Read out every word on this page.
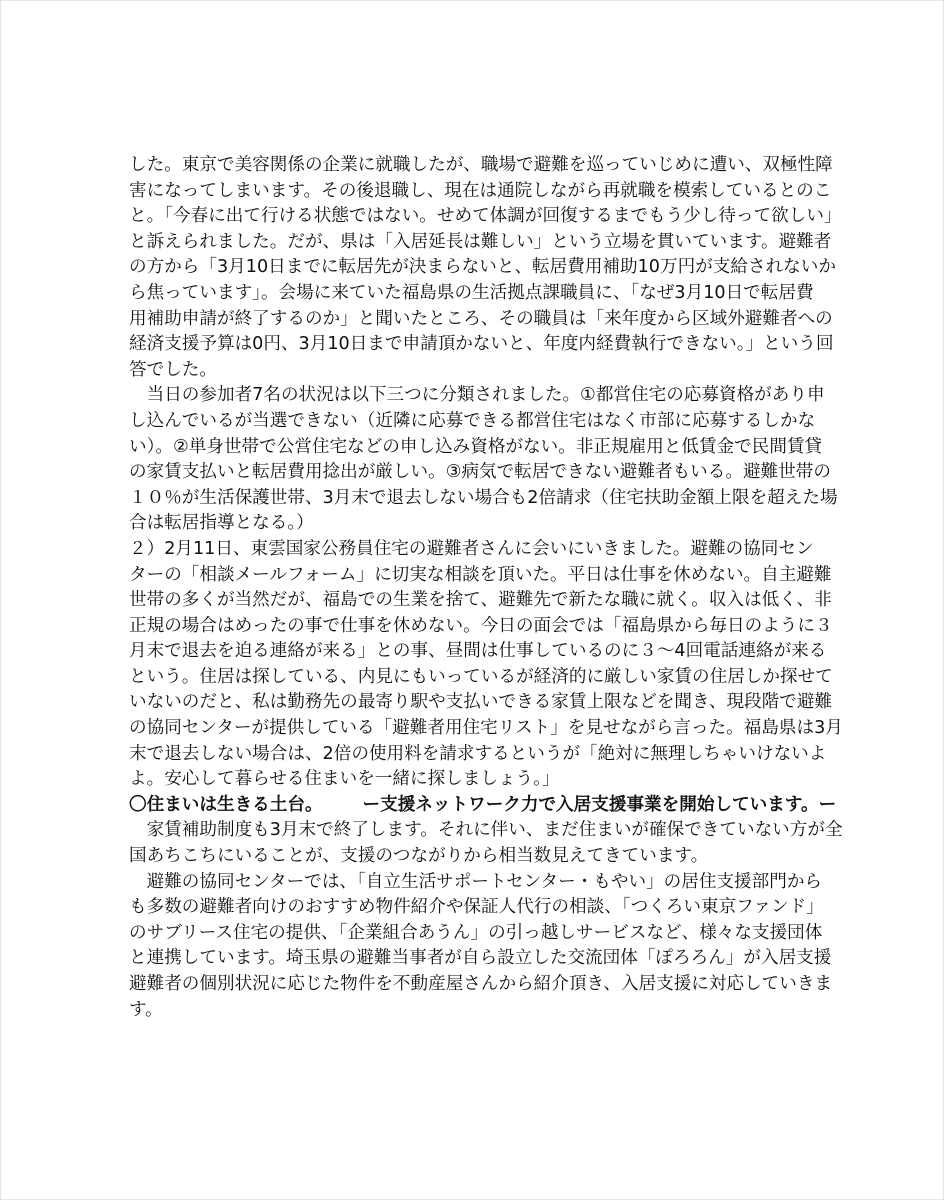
した。東京で美容関係の企業に就職したが、職場で避難を巡っていじめに遭い、双極性障
害になってしまいます。その後退職し、現在は通院しながら再就職を模索しているとのこ
と。「今春に出て行ける状態ではない。せめて体調が回復するまでもう少し待って欲しい」
と訴えられました。だが、県は「入居延長は難しい」という立場を貫いています。避難者
の方から「3月10日までに転居先が決まらないと、転居費用補助10万円が支給されないか
ら焦っています」。会場に来ていた福島県の生活拠点課職員に、「なぜ3月10日で転居費
用補助申請が終了するのか」と聞いたところ、その職員は「来年度から区域外避難者への
経済支援予算は0円、3月10日まで申請頂かないと、年度内経費執行できない。」という回
答でした。
　当日の参加者7名の状況は以下三つに分類されました。①都営住宅の応募資格があり申
し込んでいるが当選できない（近隣に応募できる都営住宅はなく市部に応募するしかな
い）。②単身世帯で公営住宅などの申し込み資格がない。非正規雇用と低賃金で民間賃貸
の家賃支払いと転居費用捻出が厳しい。③病気で転居できない避難者もいる。避難世帯の
１０％が生活保護世帯、3月末で退去しない場合も2倍請求（住宅扶助金額上限を超えた場
合は転居指導となる。）
２）2月11日、東雲国家公務員住宅の避難者さんに会いにいきました。避難の協同セン
ターの「相談メールフォーム」に切実な相談を頂いた。平日は仕事を休めない。自主避難
世帯の多くが当然だが、福島での生業を捨て、避難先で新たな職に就く。収入は低く、非
正規の場合はめったの事で仕事を休めない。今日の面会では「福島県から毎日のように３
月末で退去を迫る連絡が来る」との事、昼間は仕事しているのに３～4回電話連絡が来る
という。住居は探している、内見にもいっているが経済的に厳しい家賃の住居しか探せて
いないのだと、私は勤務先の最寄り駅や支払いできる家賃上限などを聞き、現段階で避難
の協同センターが提供している「避難者用住宅リスト」を見せながら言った。福島県は3月
末で退去しない場合は、2倍の使用料を請求するというが「絶対に無理しちゃいけないよ
よ。安心して暮らせる住まいを一緒に探しましょう。」
〇住まいは生きる土台。 ー支援ネットワーク力で入居支援事業を開始しています。ー
　家賃補助制度も3月末で終了します。それに伴い、まだ住まいが確保できていない方が全
国あちこちにいることが、支援のつながりから相当数見えてきています。
　避難の協同センターでは、「自立生活サポートセンター・もやい」の居住支援部門から
も多数の避難者向けのおすすめ物件紹介や保証人代行の相談、「つくろい東京ファンド」
のサブリース住宅の提供、「企業組合あうん」の引っ越しサービスなど、様々な支援団体
と連携しています。埼玉県の避難当事者が自ら設立した交流団体「ぽろろん」が入居支援
避難者の個別状況に応じた物件を不動産屋さんから紹介頂き、入居支援に対応していきま
す。
